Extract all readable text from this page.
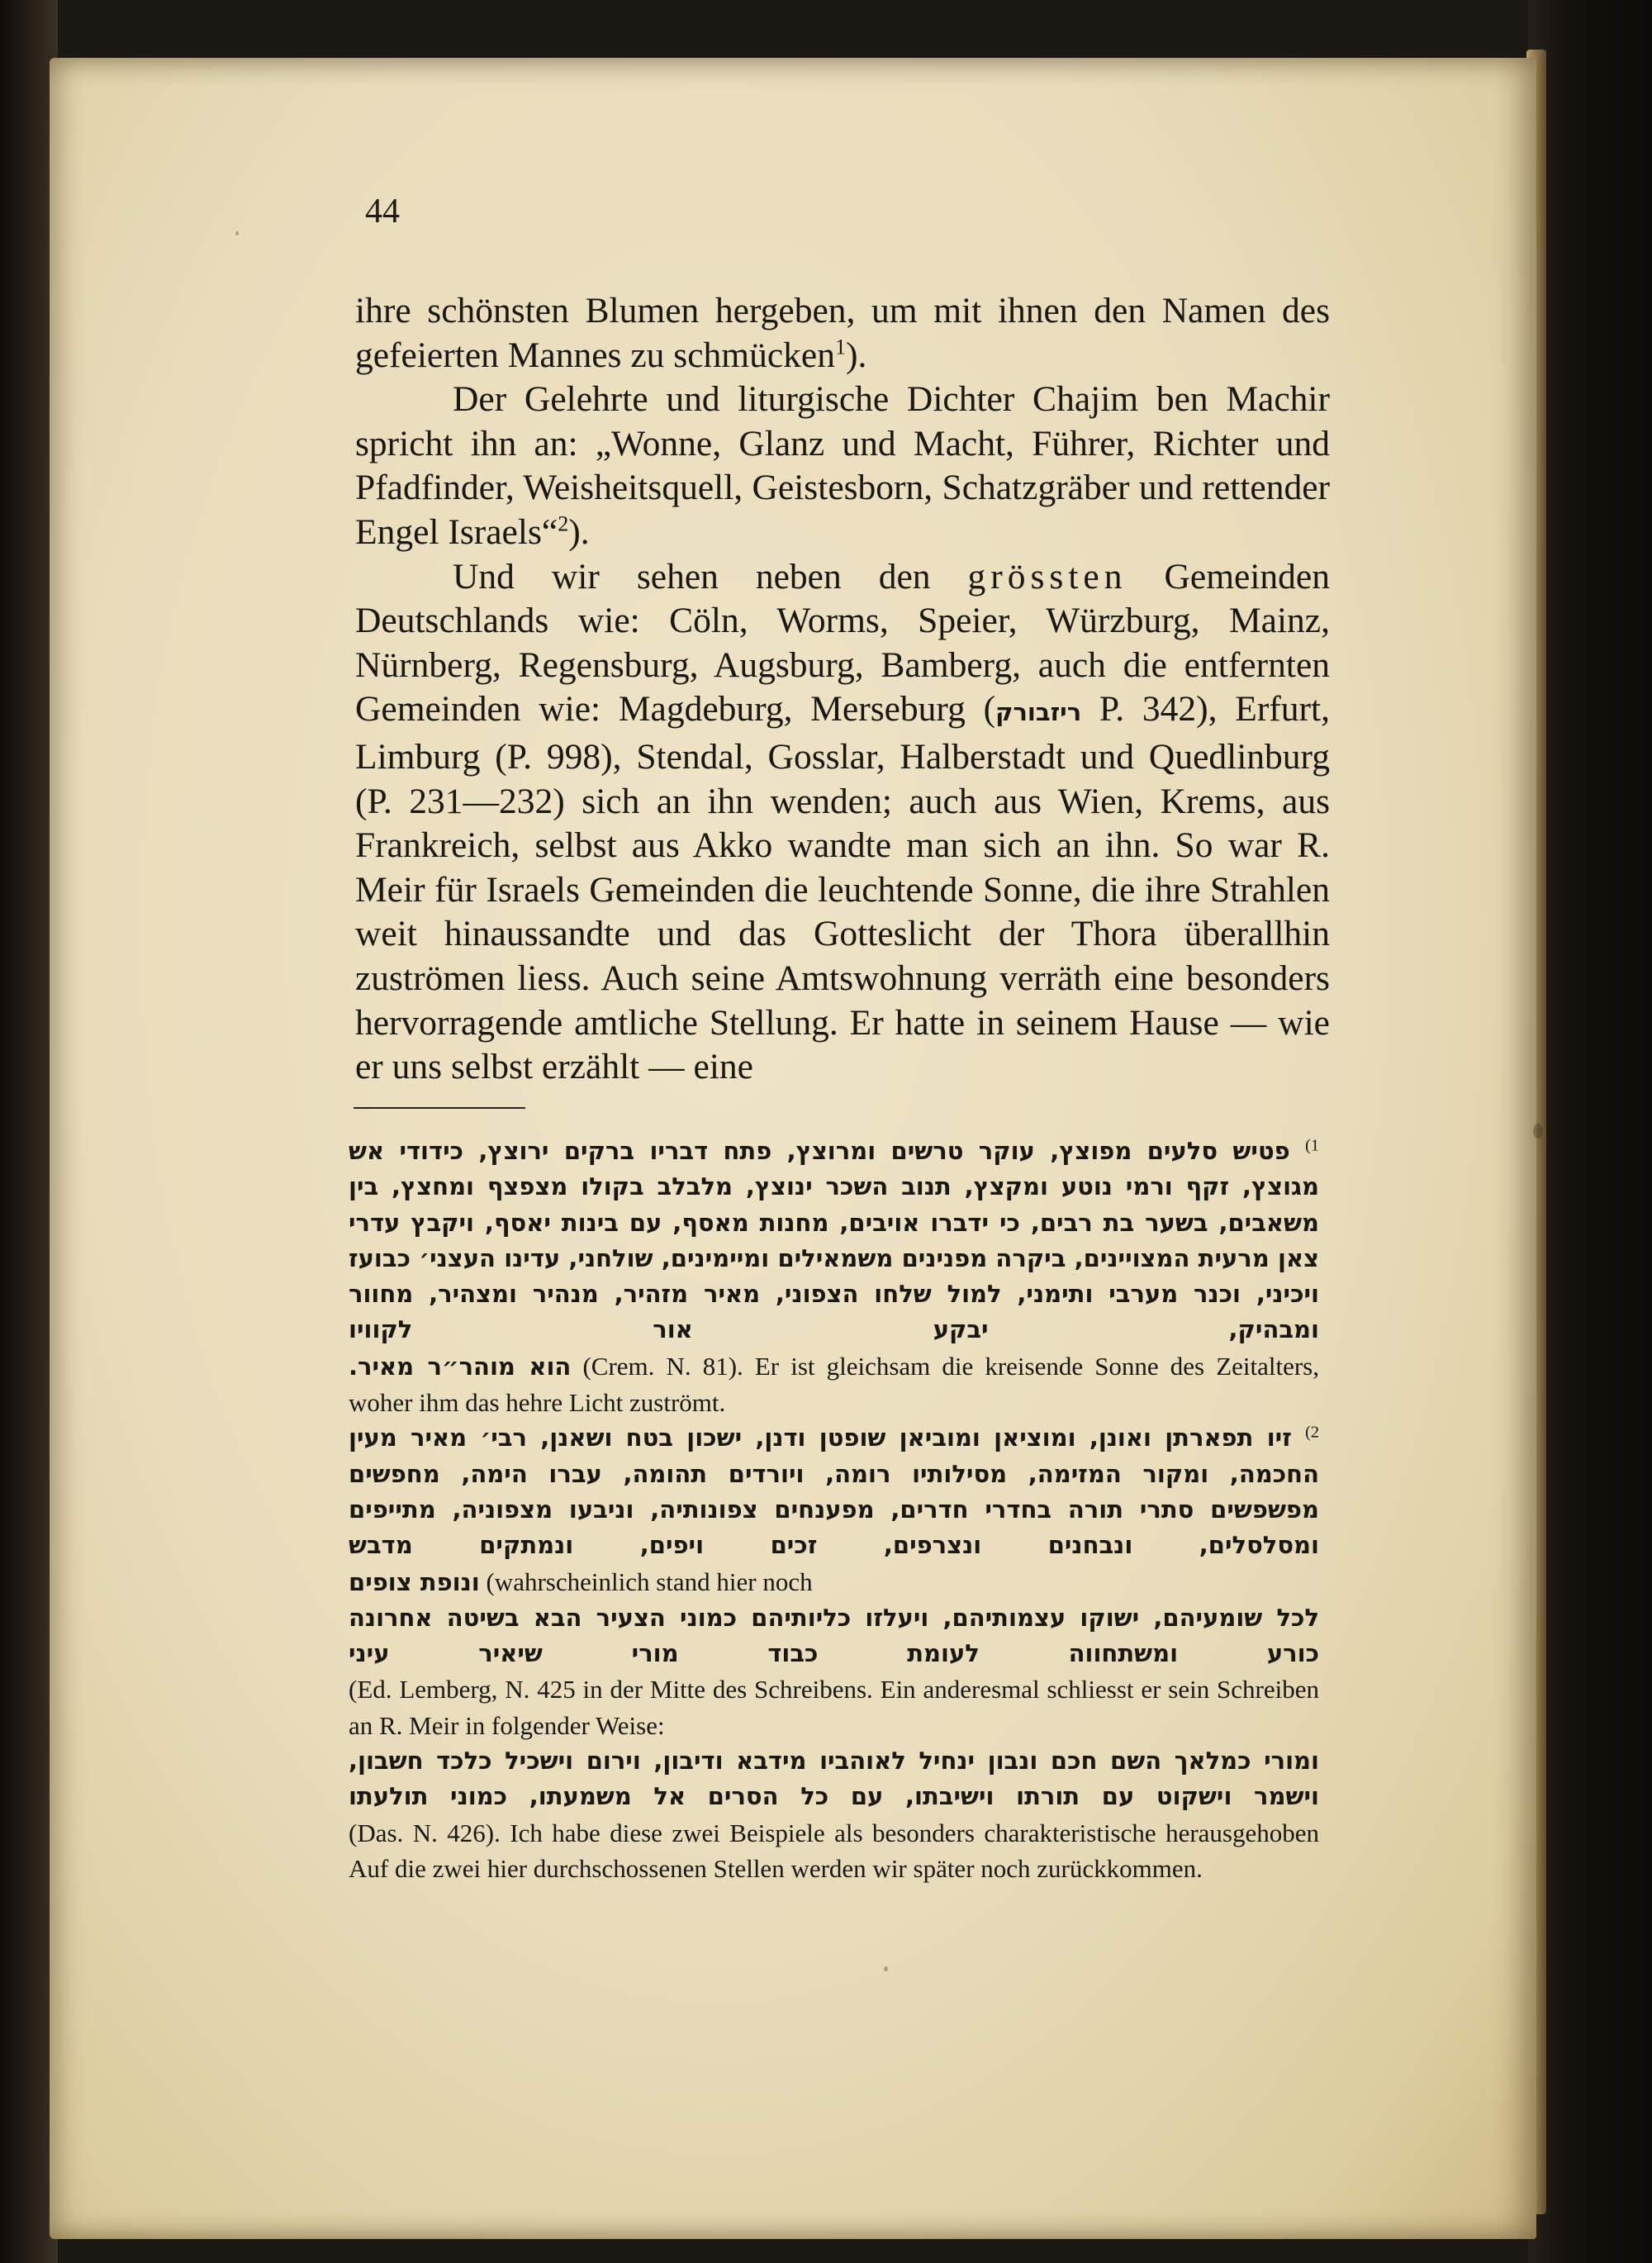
44

ihre schönsten Blumen hergeben, um mit ihnen den Namen des gefeierten Mannes zu schmücken$^1$).

Der Gelehrte und liturgische Dichter Chajim ben Machir spricht ihn an: „Wonne, Glanz und Macht, Führer, Richter und Pfadfinder, Weisheitsquell, Geistesborn, Schatzgräber und rettender Engel Israels“$^2$).

Und wir sehen neben den grössten Gemeinden Deutschlands wie: Cöln, Worms, Speier, Würzburg, Mainz, Nürnberg, Regensburg, Augsburg, Bamberg, auch die entfernten Gemeinden wie: Magdeburg, Merseburg (ריזבורק P. 342), Erfurt, Limburg (P. 998), Stendal, Gosslar, Halberstadt und Quedlinburg (P. 231—232) sich an ihn wenden; auch aus Wien, Krems, aus Frankreich, selbst aus Akko wandte man sich an ihn. So war R. Meir für Israels Gemeinden die leuchtende Sonne, die ihre Strahlen weit hinaussandte und das Gotteslicht der Thora überallhin zuströmen liess. Auch seine Amtswohnung verräth eine besonders hervorragende amtliche Stellung. Er hatte in seinem Hause — wie er uns selbst erzählt — eine

$^{1)}$ פטיש סלעים מפוצץ, עוקר טרשים ומרוצץ, פתח דבריו ברקים ירוצץ, כידודי אש מגוצץ, זקף ורמי נוטע ומקצץ, תנוב השכר ינוצץ, מלבלב בקולו מצפצף ומחצץ, בין משאבים, בשער בת רבים, כי ידברו אויבים, מחנות מאסף, עם בינות יאסף, ויקבץ עדרי צאן מרעית המצויינים, ביקרה מפנינים משמאילים ומיימינים, שולחני, עדינו העצני׳ כבועז ויכיני, וכנר מערבי ותימני, למול שלחו הצפוני, מאיר מזהיר, מנהיר ומצהיר, מחוור ומבהיק, יבקע אור לקוויו

הוא מוהר״ר מאיר. (Crem. N. 81). Er ist gleichsam die kreisende Sonne des Zeitalters, woher ihm das hehre Licht zuströmt.

$^{2)}$ זיו תפארתן ואונן, ומוציאן ומוביאן שופטן ודנן, ישכון בטח ושאנן, רבי׳ מאיר מעין החכמה, ומקור המזימה, מסילותיו רומה, ויורדים תהומה, עברו הימה, מחפשים מפשפשים סתרי תורה בחדרי חדרים, מפענחים צפונותיה, וניבעו מצפוניה, מתייפים ומסלסלים, ונבחנים ונצרפים, זכים ויפים, ונמתקים מדבש

ונופת צופים (wahrscheinlich stand hier noch

לכל שומעיהם, ישוקו עצמותיהם, ויעלזו כליותיהם כמוני הצעיר הבא בשיטה אחרונה כורע ומשתחווה לעומת כבוד מורי שיאיר עיני

(Ed. Lemberg, N. 425 in der Mitte des Schreibens. Ein anderesmal schliesst er sein Schreiben an R. Meir in folgender Weise:

ומורי כמלאך השם חכם ונבון ינחיל לאוהביו מידבא ודיבון, וירום וישכיל כלכד חשבון, וישמר וישקוט עם תורתו וישיבתו, עם כל הסרים אל משמעתו, כמוני תולעתו

(Das. N. 426). Ich habe diese zwei Beispiele als besonders charakteristische herausgehoben Auf die zwei hier durchschossenen Stellen werden wir später noch zurückkommen.
